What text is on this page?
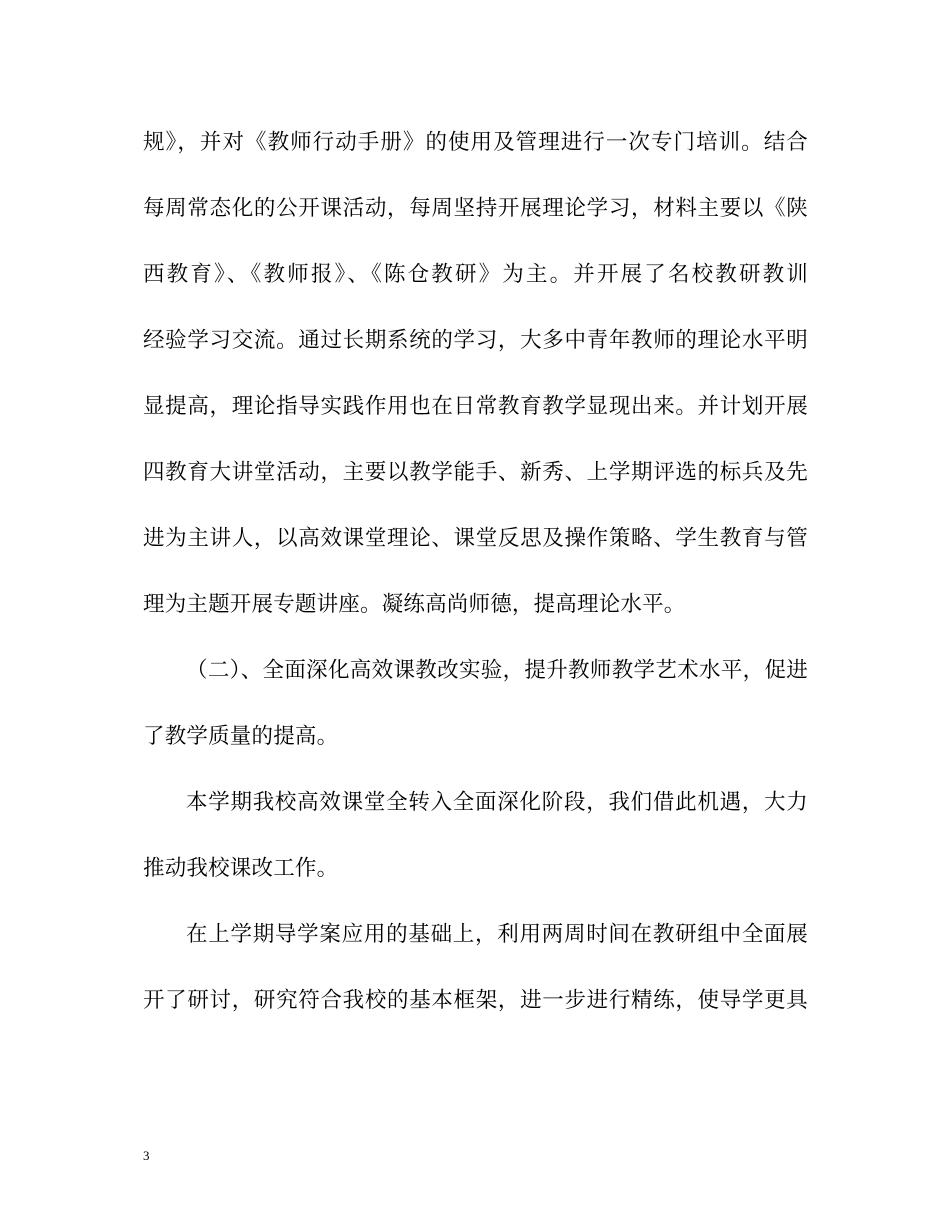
规》，并对《教师行动手册》的使用及管理进行一次专门培训。结合
每周常态化的公开课活动，每周坚持开展理论学习，材料主要以《陕
西教育》、《教师报》、《陈仓教研》为主。并开展了名校教研教训
经验学习交流。通过长期系统的学习，大多中青年教师的理论水平明
显提高，理论指导实践作用也在日常教育教学显现出来。并计划开展
四教育大讲堂活动，主要以教学能手、新秀、上学期评选的标兵及先
进为主讲人，以高效课堂理论、课堂反思及操作策略、学生教育与管
理为主题开展专题讲座。凝练高尚师德，提高理论水平。
（二）、全面深化高效课教改实验，提升教师教学艺术水平，促进
了教学质量的提高。
本学期我校高效课堂全转入全面深化阶段，我们借此机遇，大力
推动我校课改工作。
在上学期导学案应用的基础上，利用两周时间在教研组中全面展
开了研讨，研究符合我校的基本框架，进一步进行精练，使导学更具
3
